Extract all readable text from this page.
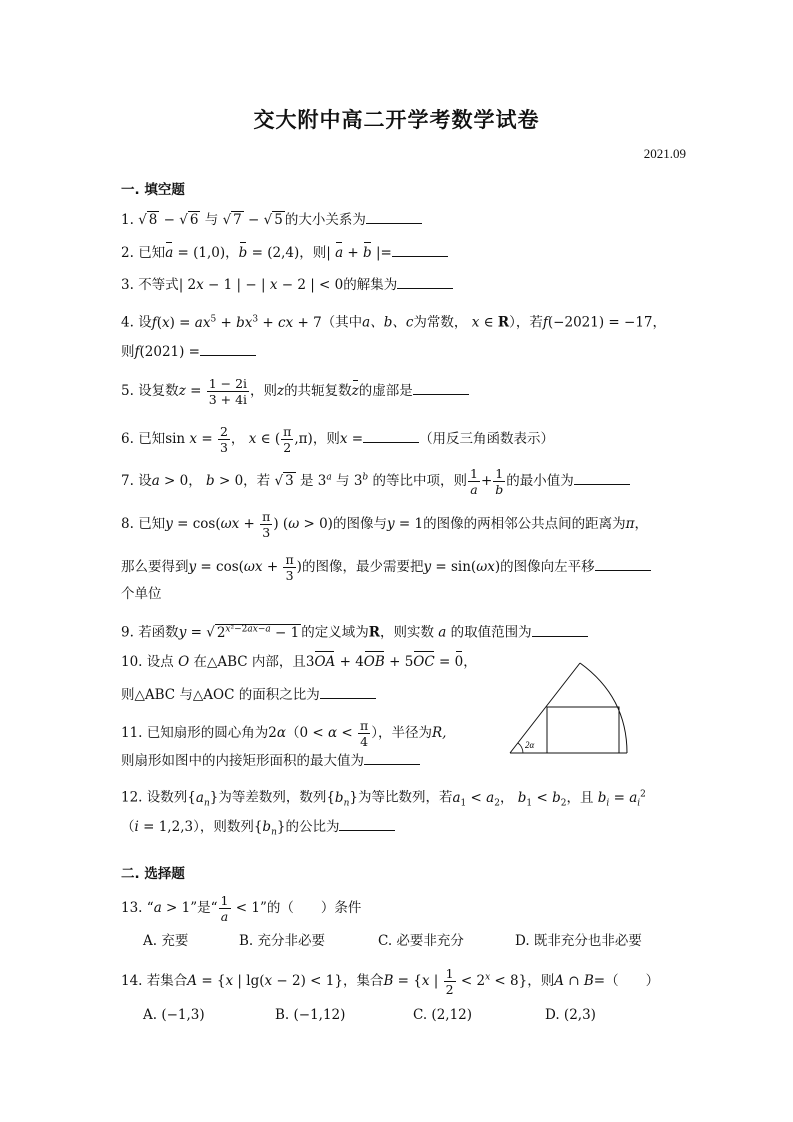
交大附中高二开学考数学试卷
2021.09
一. 填空题
1. √ 8 − √ 6 与 √ 7 − √ 5 的大小关系为
2. 已知a = (1,0)，b = (2,4)，则| a + b |=
3. 不等式| 2x − 1 | − | x − 2 | < 0的解集为
4. 设$f(x) = ax^5 + bx^3$ + cx + 7（其中a、b、c为常数， x ∈ R），若f(−2021) = −17，
则f(2021) =
5. 设复数$z = \frac{1 - 2i}{3 + 4i}$ ，则z的共轭复数z的虚部是
6. 已知$\sin x = \frac{2}{3}$ ， x ∈ ( $\frac{\pi}{2} ,\pi$)，则x =	（用反三角函数表示）
7. 设a > 0， b > 0，若 √ 3 是 3$^a$ 与 3$^b$ 的等比中项，则 $\frac{1}{a} + \frac{1}{b}$ 的最小值为
8. 已知$y = \cos(\omega x + \frac{\pi}{3}$ ) (ω > 0)的图像与y = 1的图像的两相邻公共点间的距离为π，
那么要得到$y = \cos(\omega x + \frac{\pi}{3}$ )的图像，最少需要把y = sin(ωx)的图像向左平移
个单位
9. 若函数y = √ $2^{x^2-2ax-a} - 1$ 的定义域为R，则实数 a 的取值范围为
10. 设点 O 在△ABC 内部，且3OA + 4OB + 5OC = 0，
则△ABC 与△AOC 的面积之比为
11. 已知扇形的圆心角为$2\alpha(0 < \alpha < \frac{\pi}{4}$ ），半径为R,
则扇形如图中的内接矩形面积的最大值为
2α
12. 设数列$\{a_n\}$为等差数列，数列$\{b_n\}$为等比数列，若$a_1 < a_2$， $b_1 < b_2$，且 $b_i = a_i^2$
（i = 1,2,3），则数列$\{b_n\}$的公比为
二. 选择题
13. “a > 1”是“ $\frac{1}{a} < 1$”的（　　）条件
A. 充要	B. 充分非必要	C. 必要非充分	D. 既非充分也非必要
14. 若集合A = {x | lg(x − 2) < 1}，集合B = {x | $\frac{1}{2} < 2^x < 8$}，则A ∩ B=（　　）
A. (−1,3)	B. (−1,12)	C. (2,12)	D. (2,3)
